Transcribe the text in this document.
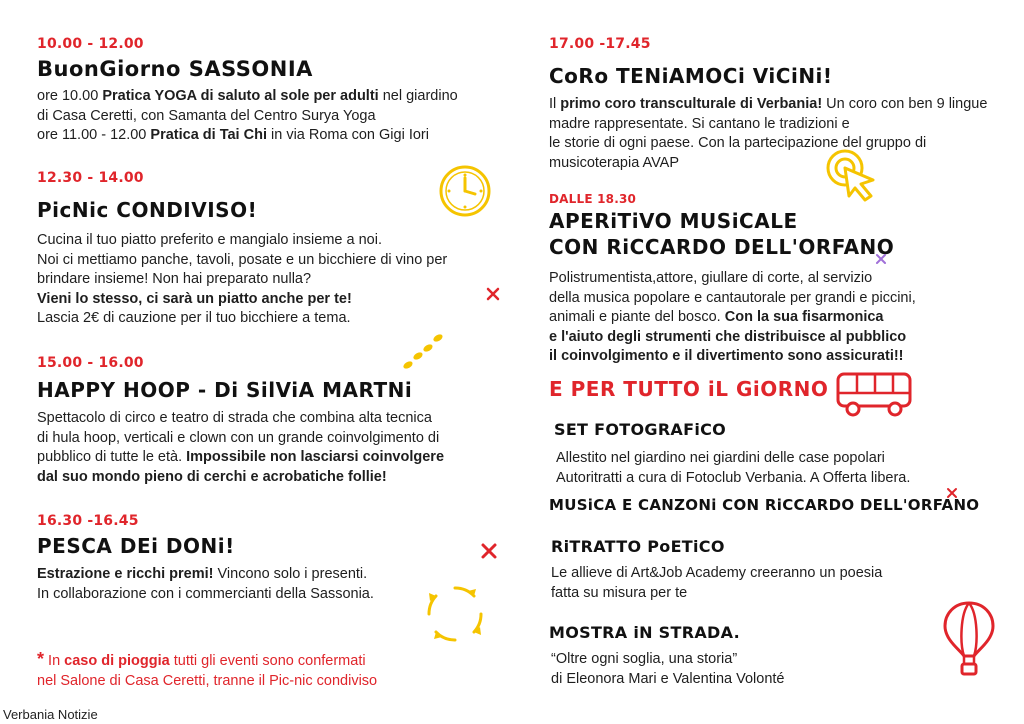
10.00 - 12.00
BuonGiorno SASSONIA
ore 10.00 Pratica YOGA di saluto al sole per adulti nel giardino
di Casa Ceretti, con Samanta del Centro Surya Yoga
ore 11.00 - 12.00 Pratica di Tai Chi in via Roma con Gigi Iori
12.30 - 14.00
PicNic CONDIVISO!
Cucina il tuo piatto preferito e mangialo insieme a noi.
Noi ci mettiamo panche, tavoli, posate e un bicchiere di vino per
brindare insieme! Non hai preparato nulla?
Vieni lo stesso, ci sarà un piatto anche per te!
Lascia 2€ di cauzione per il tuo bicchiere a tema.
15.00 - 16.00
HAPPY HOOP - Di SilViA MARTNi
Spettacolo di circo e teatro di strada che combina alta tecnica
di hula hoop, verticali e clown con un grande coinvolgimento di
pubblico di tutte le età. Impossibile non lasciarsi coinvolgere
dal suo mondo pieno di cerchi e acrobatiche follie!
16.30 -16.45
PESCA DEi DONi!
Estrazione e ricchi premi! Vincono solo i presenti.
In collaborazione con i commercianti della Sassonia.
* In caso di pioggia tutti gli eventi sono confermati
nel Salone di Casa Ceretti, tranne il Pic-nic condiviso
17.00 -17.45
CoRo TENiAMOCi ViCiNi!
Il primo coro transculturale di Verbania! Un coro con ben 9 lingue
madre rappresentate. Si cantano le tradizioni e
le storie di ogni paese. Con la partecipazione del gruppo di
musicoterapia AVAP
DALLE 18.30
APERiTiVO MUSiCALE
CON RiCCARDO DELL'ORFANO
Polistrumentista,attore, giullare di corte, al servizio
della musica popolare e cantautorale per grandi e piccini,
animali e piante del bosco. Con la sua fisarmonica
e l'aiuto degli strumenti che distribuisce al pubblico
il coinvolgimento e il divertimento sono assicurati!!
E PER TUTTO iL GiORNO
SET FOTOGRAFiCO
Allestito nel giardino nei giardini delle case popolari
Autoritratti a cura di Fotoclub Verbania. A Offerta libera.
MUSiCA E CANZONi CON RiCCARDO DELL'ORFANO
RiTRATTO PoETiCO
Le allieve di Art&Job Academy creeranno un poesia
fatta su misura per te
MOSTRA iN STRADA.
“Oltre ogni soglia, una storia”
di Eleonora Mari e Valentina Volonté
Verbania Notizie
